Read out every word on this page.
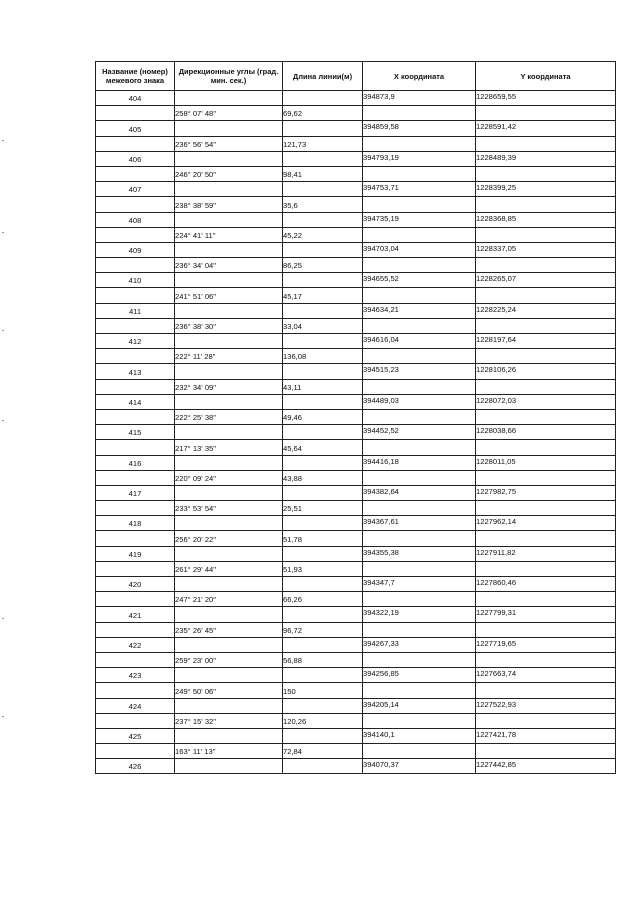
Название (номер) межевого знака	Дирекционные углы (град. мин. сек.)	Длина линии(м)	X координата	Y координата
404			394873,9	1228659,55
	258° 07' 48"	69,62		
405			394859,58	1228591,42
	236° 56' 54"	121,73		
406			394793,19	1228489,39
	246° 20' 50"	98,41		
407			394753,71	1228399,25
	238° 38' 59"	35,6		
408			394735,19	1228368,85
	224° 41' 11"	45,22		
409			394703,04	1228337,05
	236° 34' 04"	86,25		
410			394655,52	1228265,07
	241° 51' 06"	45,17		
411			394634,21	1228225,24
	236° 38' 30"	33,04		
412			394616,04	1228197,64
	222° 11' 28"	136,08		
413			394515,23	1228106,26
	232° 34' 09"	43,11		
414			394489,03	1228072,03
	222° 25' 38"	49,46		
415			394452,52	1228038,66
	217° 13' 35"	45,64		
416			394416,18	1228011,05
	220° 09' 24"	43,88		
417			394382,64	1227982,75
	233° 53' 54"	25,51		
418			394367,61	1227962,14
	256° 20' 22"	51,78		
419			394355,38	1227911,82
	261° 29' 44"	51,93		
420			394347,7	1227860,46
	247° 21' 20"	66,26		
421			394322,19	1227799,31
	235° 26' 45"	96,72		
422			394267,33	1227719,65
	259° 23' 00"	56,88		
423			394256,85	1227663,74
	249° 50' 06"	150		
424			394205,14	1227522,93
	237° 15' 32"	120,26		
425			394140,1	1227421,78
	163° 11' 13"	72,84		
426			394070,37	1227442,85
